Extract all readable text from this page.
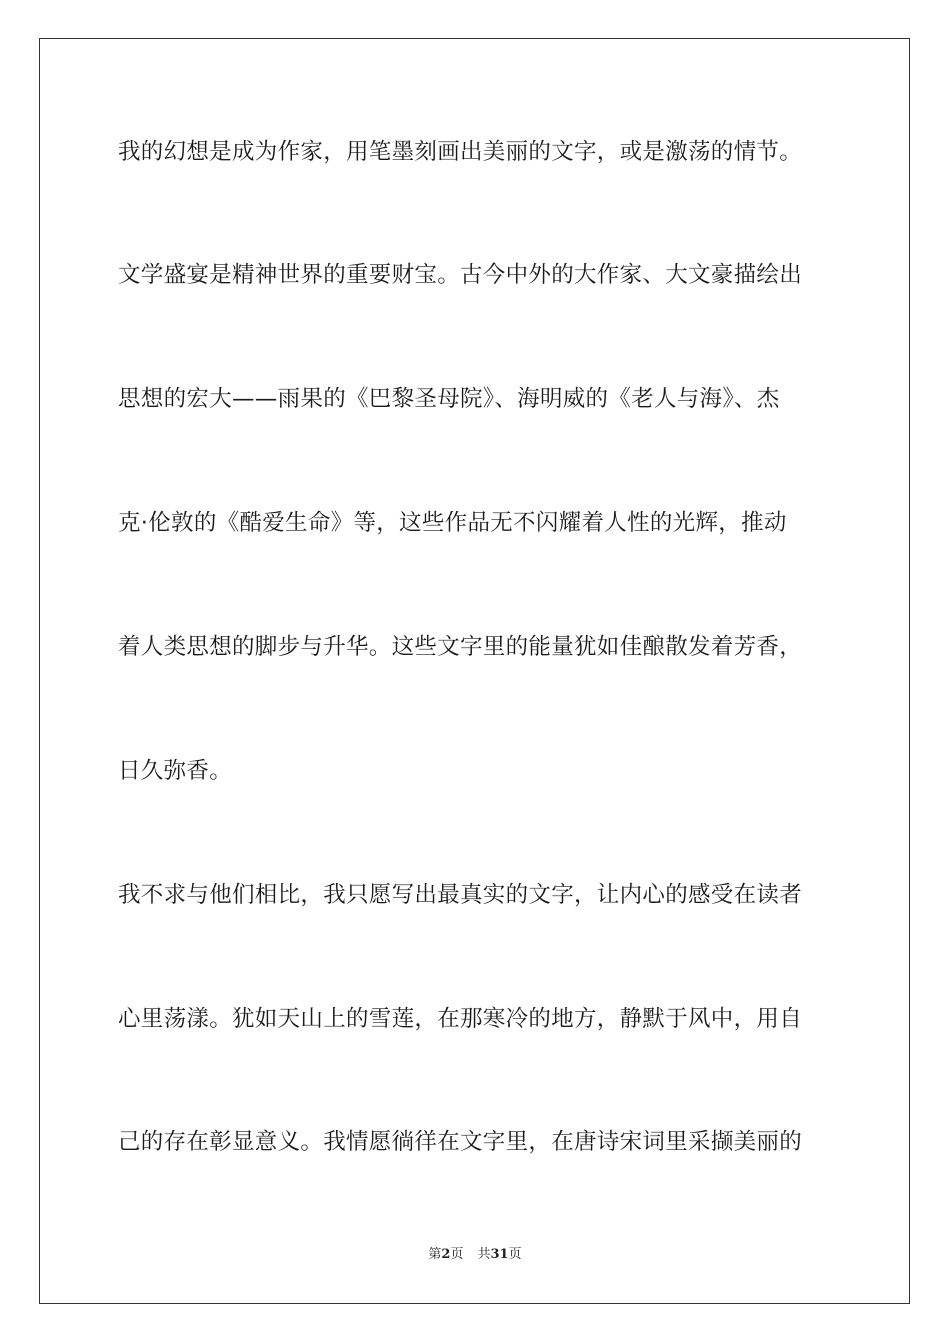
我的幻想是成为作家，用笔墨刻画出美丽的文字，或是激荡的情节。
文学盛宴是精神世界的重要财宝。古今中外的大作家、大文豪描绘出
思想的宏大——雨果的《巴黎圣母院》、海明威的《老人与海》、杰
克·伦敦的《酷爱生命》等，这些作品无不闪耀着人性的光辉，推动
着人类思想的脚步与升华。这些文字里的能量犹如佳酿散发着芳香，
日久弥香。
我不求与他们相比，我只愿写出最真实的文字，让内心的感受在读者
心里荡漾。犹如天山上的雪莲，在那寒冷的地方，静默于风中，用自
己的存在彰显意义。我情愿徜徉在文字里，在唐诗宋词里采撷美丽的
第2页 共31页
